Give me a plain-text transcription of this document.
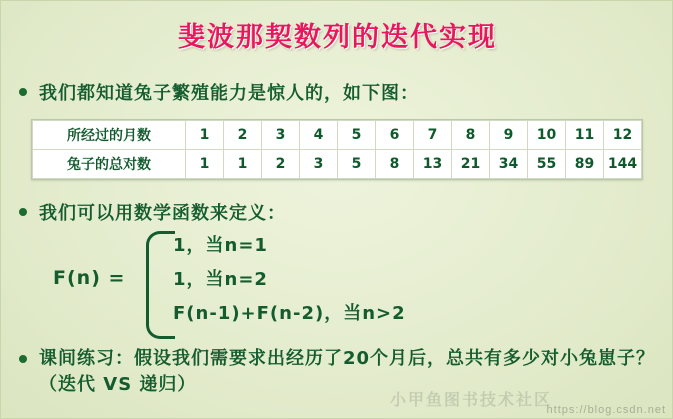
斐波那契数列的迭代实现
我们都知道兔子繁殖能力是惊人的，如下图：
所经过的月数	1	2	3	4	5	6	7	8	9	10	11	12
兔子的总对数	1	1	2	3	5	8	13	21	34	55	89	144
我们可以用数学函数来定义：
F(n) =
1，当n=1
1，当n=2
F(n-1)+F(n-2)，当n>2
课间练习：假设我们需要求出经历了20个月后，总共有多少对小兔崽子？（迭代 VS 递归）
小甲鱼图书技术社区
https://blog.csdn.net
